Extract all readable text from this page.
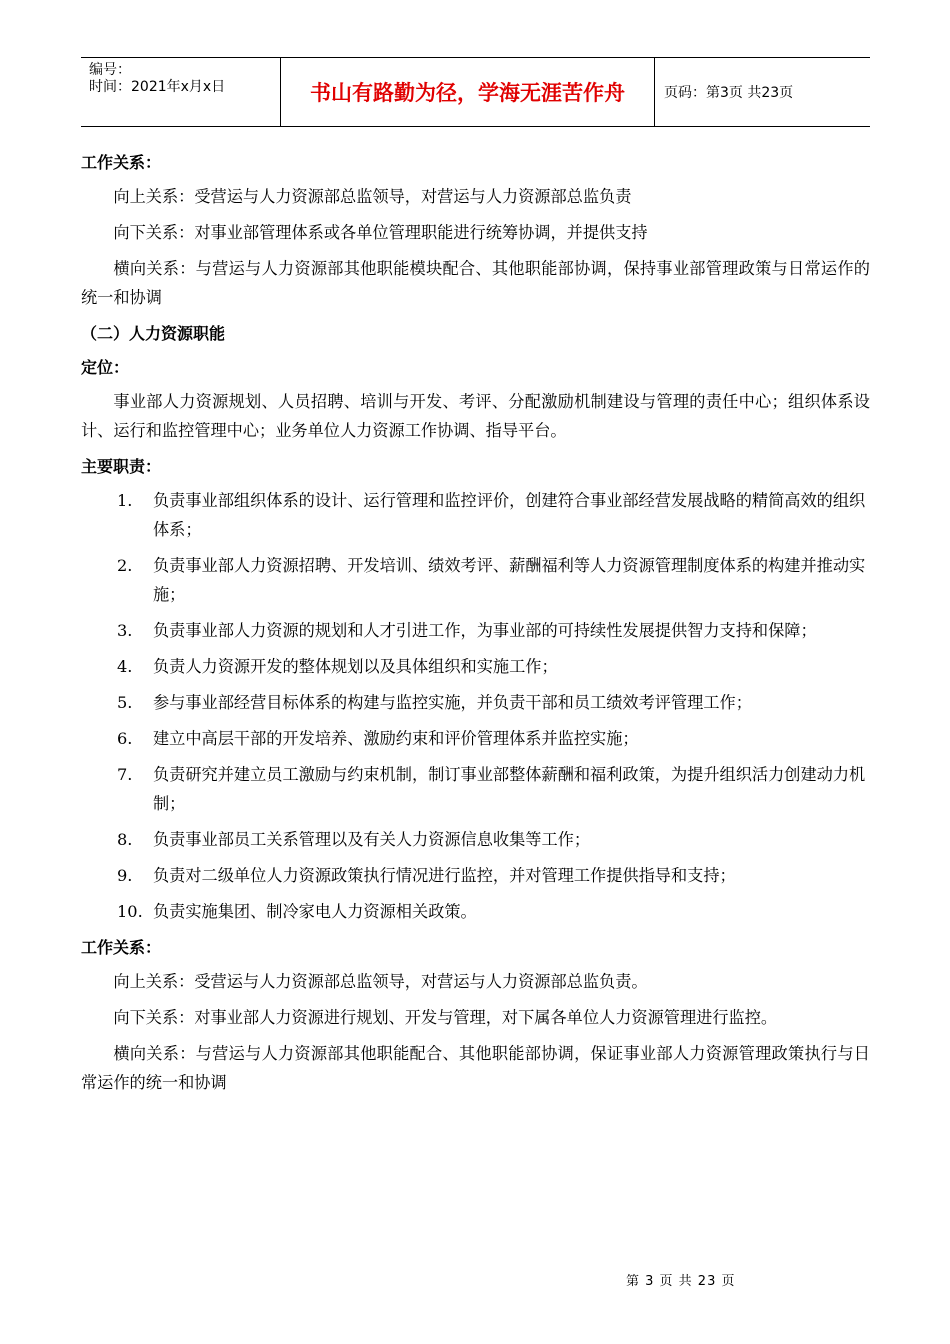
编号：
时间：2021年x月x日	书山有路勤为径，学海无涯苦作舟	页码：第3页 共23页

工作关系：

向上关系：受营运与人力资源部总监领导，对营运与人力资源部总监负责

向下关系：对事业部管理体系或各单位管理职能进行统筹协调，并提供支持

横向关系：与营运与人力资源部其他职能模块配合、其他职能部协调，保持事业部管理政策与日常运作的统一和协调

（二）人力资源职能

定位：

事业部人力资源规划、人员招聘、培训与开发、考评、分配激励机制建设与管理的责任中心；组织体系设计、运行和监控管理中心；业务单位人力资源工作协调、指导平台。

主要职责：

1. 负责事业部组织体系的设计、运行管理和监控评价，创建符合事业部经营发展战略的精简高效的组织体系；
2. 负责事业部人力资源招聘、开发培训、绩效考评、薪酬福利等人力资源管理制度体系的构建并推动实施；
3. 负责事业部人力资源的规划和人才引进工作，为事业部的可持续性发展提供智力支持和保障；
4. 负责人力资源开发的整体规划以及具体组织和实施工作；
5. 参与事业部经营目标体系的构建与监控实施，并负责干部和员工绩效考评管理工作；
6. 建立中高层干部的开发培养、激励约束和评价管理体系并监控实施；
7. 负责研究并建立员工激励与约束机制，制订事业部整体薪酬和福利政策，为提升组织活力创建动力机制；
8. 负责事业部员工关系管理以及有关人力资源信息收集等工作；
9. 负责对二级单位人力资源政策执行情况进行监控，并对管理工作提供指导和支持；
10. 负责实施集团、制冷家电人力资源相关政策。

工作关系：

向上关系：受营运与人力资源部总监领导，对营运与人力资源部总监负责。

向下关系：对事业部人力资源进行规划、开发与管理，对下属各单位人力资源管理进行监控。

横向关系：与营运与人力资源部其他职能配合、其他职能部协调，保证事业部人力资源管理政策执行与日常运作的统一和协调

第 3 页 共 23 页
